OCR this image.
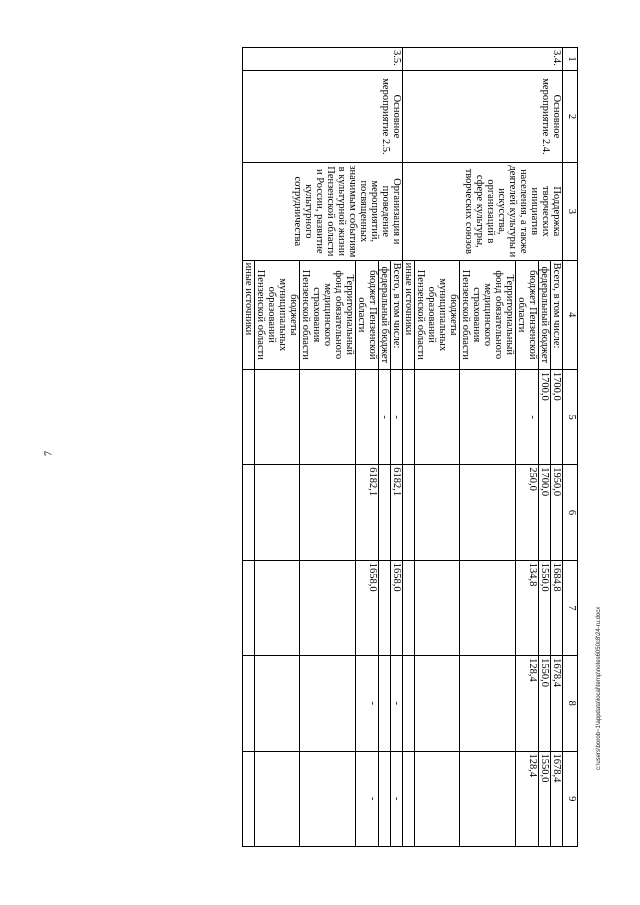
7
c:\users\borob~1\appdata\local\temp\notes6050c8\24-ru.docx
1	2	3	4	5	6	7	8	9
3.4.	Основное мероприятие 2.4.	Поддержка творческих инициатив населения, а также деятелей культуры и искусства, организаций в сфере культуры, творческих союзов	Всего, в том числе:	1700,0	1950,0	1684,8	1678,4	1678,4
			федеральный бюджет	1700,0	1700,0	1550,0	1550,0	1550,0
			бюджет Пензенской области	-	250,0	134,8	128,4	128,4
			Территориальный фонд обязательного медицинского страхования Пензенской области					
			бюджеты муниципальных образований Пензенской области					
			иные источники					
3.5.	Основное мероприятие 2.5.	Организация и проведение мероприятий, посвященных значимым событиям в культурной жизни Пензенской области и России, развитие культурного сотрудничества	Всего, в том числе:	-	6182,1	1658,0	-	-
			федеральный бюджет	-				
			бюджет Пензенской области		6182,1	1658,0	-	-
			Территориальный фонд обязательного медицинского страхования Пензенской области					
			бюджеты муниципальных образований Пензенской области					
			иные источники					
